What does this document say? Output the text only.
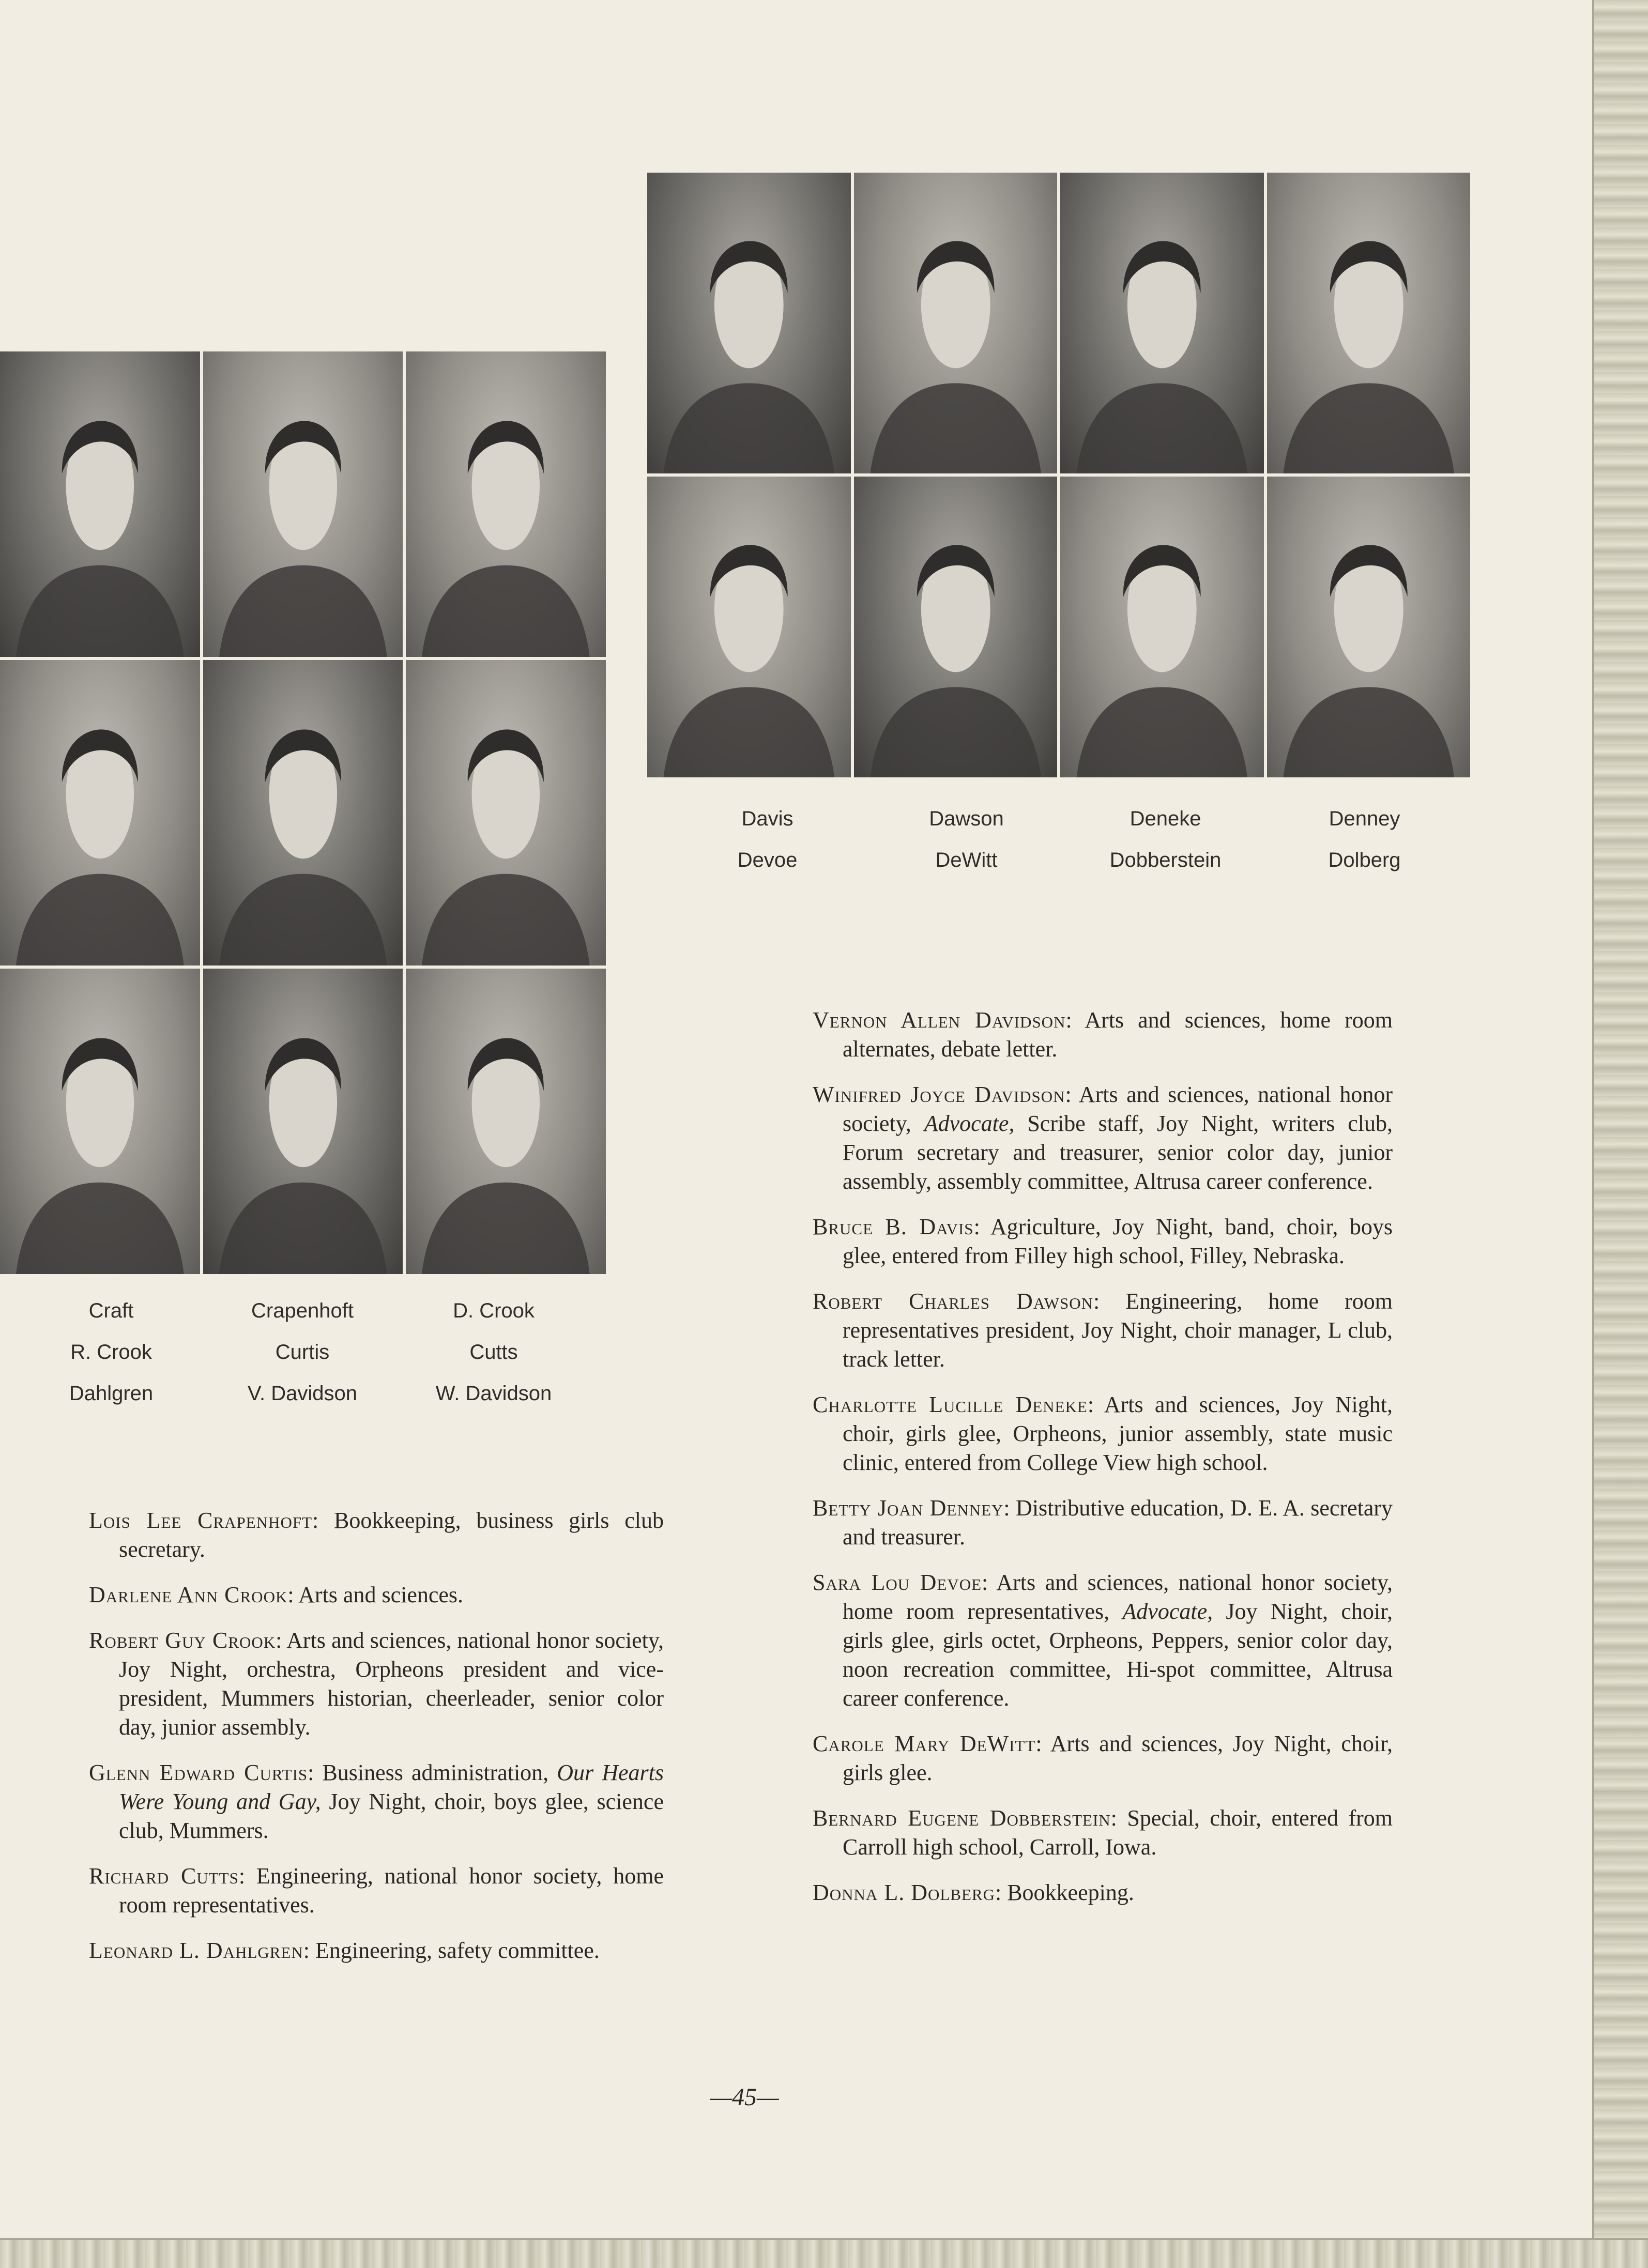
Craft	Crapenhoft	D. Crook
R. Crook	Curtis	Cutts
Dahlgren	V. Davidson	W. Davidson
Davis	Dawson	Deneke	Denney
Devoe	DeWitt	Dobberstein	Dolberg

Lois Lee Crapenhoft: Bookkeeping, business girls club secretary.

Darlene Ann Crook: Arts and sciences.

Robert Guy Crook: Arts and sciences, national honor society, Joy Night, orchestra, Orpheons president and vice-president, Mummers historian, cheerleader, senior color day, junior assembly.

Glenn Edward Curtis: Business administration, Our Hearts Were Young and Gay, Joy Night, choir, boys glee, science club, Mummers.

Richard Cutts: Engineering, national honor society, home room representatives.

Leonard L. Dahlgren: Engineering, safety committee.

Vernon Allen Davidson: Arts and sciences, home room alternates, debate letter.

Winifred Joyce Davidson: Arts and sciences, national honor society, Advocate, Scribe staff, Joy Night, writers club, Forum secretary and treasurer, senior color day, junior assembly, assembly committee, Altrusa career conference.

Bruce B. Davis: Agriculture, Joy Night, band, choir, boys glee, entered from Filley high school, Filley, Nebraska.

Robert Charles Dawson: Engineering, home room representatives president, Joy Night, choir manager, L club, track letter.

Charlotte Lucille Deneke: Arts and sciences, Joy Night, choir, girls glee, Orpheons, junior assembly, state music clinic, entered from College View high school.

Betty Joan Denney: Distributive education, D. E. A. secretary and treasurer.

Sara Lou Devoe: Arts and sciences, national honor society, home room representatives, Advocate, Joy Night, choir, girls glee, girls octet, Orpheons, Peppers, senior color day, noon recreation committee, Hi-spot committee, Altrusa career conference.

Carole Mary DeWitt: Arts and sciences, Joy Night, choir, girls glee.

Bernard Eugene Dobberstein: Special, choir, entered from Carroll high school, Carroll, Iowa.

Donna L. Dolberg: Bookkeeping.

—45—
